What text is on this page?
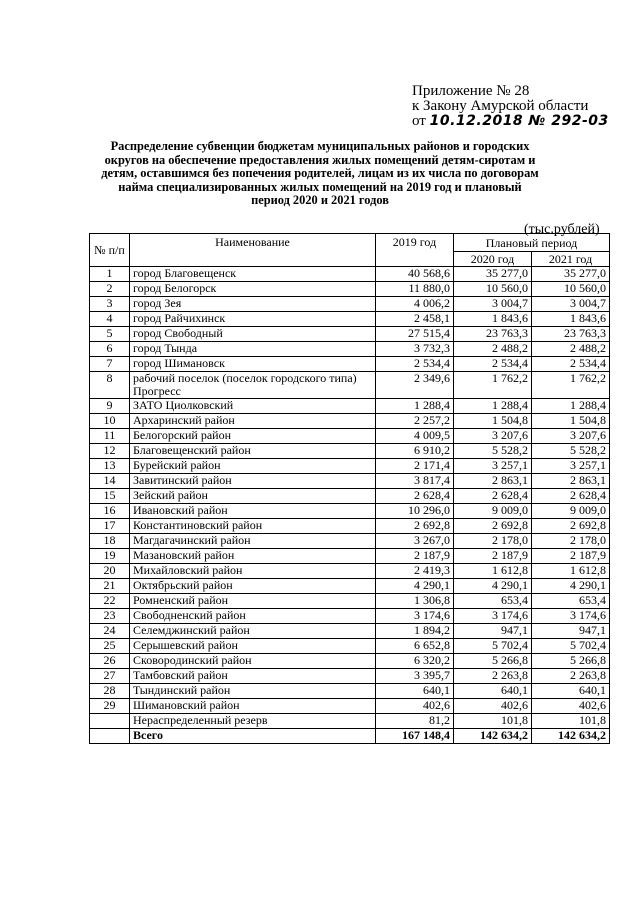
Приложение № 28
к Закону Амурской области
от 10.12.2018 № 292-03
Распределение субвенции бюджетам муниципальных районов и городских округов на обеспечение предоставления жилых помещений детям-сиротам и детям, оставшимся без попечения родителей, лицам из их числа по договорам найма специализированных жилых помещений на 2019 год и плановый период 2020 и 2021 годов
(тыс.рублей)
№ п/п	Наименование	2019 год	Плановый период	
			2020 год	2021 год
1	город Благовещенск	40 568,6	35 277,0	35 277,0
2	город Белогорск	11 880,0	10 560,0	10 560,0
3	город Зея	4 006,2	3 004,7	3 004,7
4	город Райчихинск	2 458,1	1 843,6	1 843,6
5	город Свободный	27 515,4	23 763,3	23 763,3
6	город Тында	3 732,3	2 488,2	2 488,2
7	город Шимановск	2 534,4	2 534,4	2 534,4
8	рабочий поселок (поселок городского типа) Прогресс	2 349,6	1 762,2	1 762,2
9	ЗАТО Циолковский	1 288,4	1 288,4	1 288,4
10	Архаринский район	2 257,2	1 504,8	1 504,8
11	Белогорский район	4 009,5	3 207,6	3 207,6
12	Благовещенский район	6 910,2	5 528,2	5 528,2
13	Бурейский район	2 171,4	3 257,1	3 257,1
14	Завитинский район	3 817,4	2 863,1	2 863,1
15	Зейский район	2 628,4	2 628,4	2 628,4
16	Ивановский район	10 296,0	9 009,0	9 009,0
17	Константиновский район	2 692,8	2 692,8	2 692,8
18	Магдагачинский район	3 267,0	2 178,0	2 178,0
19	Мазановский район	2 187,9	2 187,9	2 187,9
20	Михайловский район	2 419,3	1 612,8	1 612,8
21	Октябрьский район	4 290,1	4 290,1	4 290,1
22	Ромненский район	1 306,8	653,4	653,4
23	Свободненский район	3 174,6	3 174,6	3 174,6
24	Селемджинский район	1 894,2	947,1	947,1
25	Серышевский район	6 652,8	5 702,4	5 702,4
26	Сковородинский район	6 320,2	5 266,8	5 266,8
27	Тамбовский район	3 395,7	2 263,8	2 263,8
28	Тындинский район	640,1	640,1	640,1
29	Шимановский район	402,6	402,6	402,6
	Нераспределенный резерв	81,2	101,8	101,8
	Всего	167 148,4	142 634,2	142 634,2
